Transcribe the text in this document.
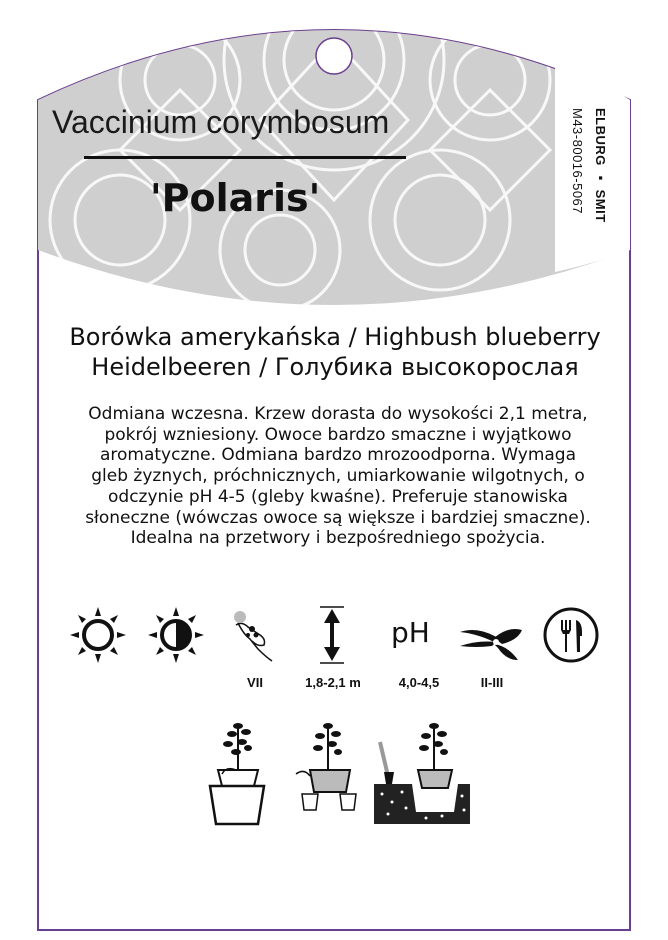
Vaccinium corymbosum
'Polaris'	ELBURG ▪ SMIT
M43-80016-5067
Borówka amerykańska / Highbush blueberry
Heidelbeeren / Голубика высокорослая
Odmiana wczesna. Krzew dorasta do wysokości 2,1 metra, pokrój wzniesiony. Owoce bardzo smaczne i wyjątkowo aromatyczne. Odmiana bardzo mrozoodporna. Wymaga gleb żyznych, próchnicznych, umiarkowanie wilgotnych, o odczynie pH 4-5 (gleby kwaśne). Preferuje stanowiska słoneczne (wówczas owoce są większe i bardziej smaczne). Idealna na przetwory i bezpośredniego spożycia.
pH
VII	1,8-2,1 m	4,0-4,5	II-III
